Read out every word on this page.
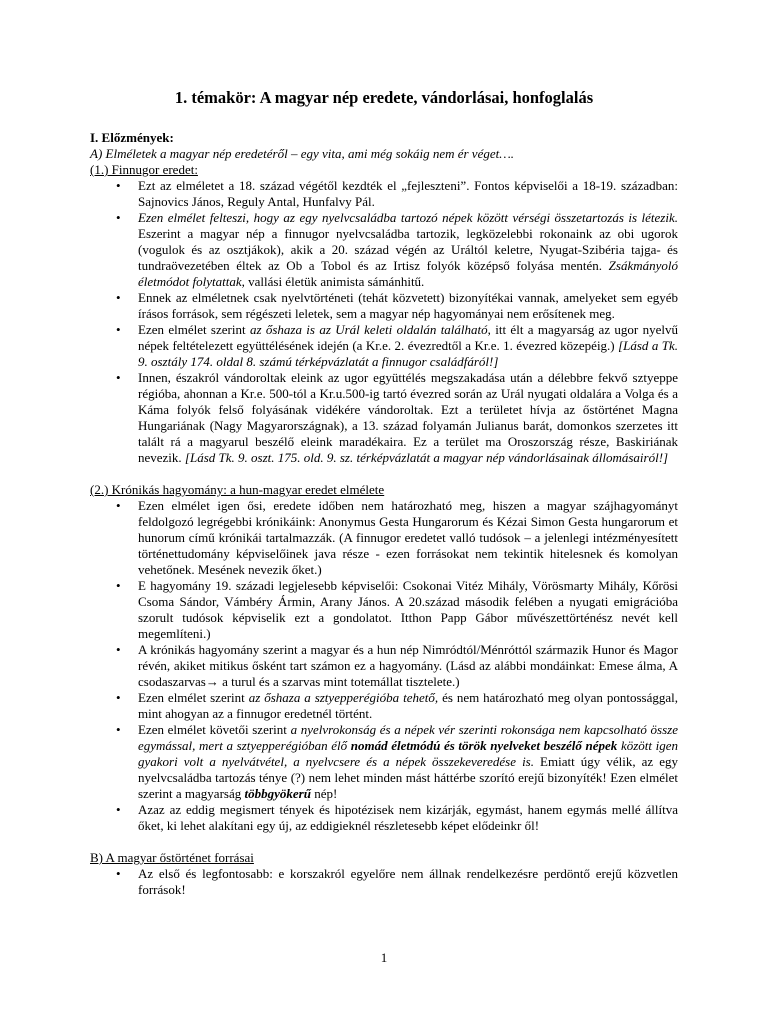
1. témakör: A magyar nép eredete, vándorlásai, honfoglalás

I. Előzmények:

A) Elméletek a magyar nép eredetéről – egy vita, ami még sokáig nem ér véget….

(1.) Finnugor eredet:

• Ezt az elméletet a 18. század végétől kezdték el „fejleszteni”. Fontos képviselői a 18-19. században: Sajnovics János, Reguly Antal, Hunfalvy Pál.
• Ezen elmélet felteszi, hogy az egy nyelvcsaládba tartozó népek között vérségi összetartozás is létezik. Eszerint a magyar nép a finnugor nyelvcsaládba tartozik, legközelebbi rokonaink az obi ugorok (vogulok és az osztjákok), akik a 20. század végén az Uráltól keletre, Nyugat-Szibéria tajga- és tundraövezetében éltek az Ob a Tobol és az Irtisz folyók középső folyása mentén. Zsákmányoló életmódot folytattak, vallási életük animista sámánhitű.
• Ennek az elméletnek csak nyelvtörténeti (tehát közvetett) bizonyítékai vannak, amelyeket sem egyéb írásos források, sem régészeti leletek, sem a magyar nép hagyományai nem erősítenek meg.
• Ezen elmélet szerint az őshaza is az Urál keleti oldalán található, itt élt a magyarság az ugor nyelvű népek feltételezett együttélésének idején (a Kr.e. 2. évezredtől a Kr.e. 1. évezred közepéig.) [Lásd a Tk. 9. osztály 174. oldal 8. számú térképvázlatát a finnugor családfáról!]
• Innen, északról vándoroltak eleink az ugor együttélés megszakadása után a délebbre fekvő sztyeppe régióba, ahonnan a Kr.e. 500-tól a Kr.u.500-ig tartó évezred során az Urál nyugati oldalára a Volga és a Káma folyók felső folyásának vidékére vándoroltak. Ezt a területet hívja az őstörténet Magna Hungariának (Nagy Magyarországnak), a 13. század folyamán Julianus barát, domonkos szerzetes itt talált rá a magyarul beszélő eleink maradékaira. Ez a terület ma Oroszország része, Baskiriának nevezik. [Lásd Tk. 9. oszt. 175. old. 9. sz. térképvázlatát a magyar nép vándorlásainak állomásairól!]

(2.) Krónikás hagyomány: a hun-magyar eredet elmélete

• Ezen elmélet igen ősi, eredete időben nem határozható meg, hiszen a magyar szájhagyományt feldolgozó legrégebbi krónikáink: Anonymus Gesta Hungarorum és Kézai Simon Gesta hungarorum et hunorum című krónikái tartalmazzák. (A finnugor eredetet valló tudósok – a jelenlegi intézményesített történettudomány képviselőinek java része - ezen forrásokat nem tekintik hitelesnek és komolyan vehetőnek. Mesének nevezik őket.)
• E hagyomány 19. századi legjelesebb képviselői: Csokonai Vitéz Mihály, Vörösmarty Mihály, Kőrösi Csoma Sándor, Vámbéry Ármin, Arany János. A 20.század második felében a nyugati emigrációba szorult tudósok képviselik ezt a gondolatot. Itthon Papp Gábor művészettörténész nevét kell megemlíteni.)
• A krónikás hagyomány szerint a magyar és a hun nép Nimródtól/Ménróttól származik Hunor és Magor révén, akiket mitikus ősként tart számon ez a hagyomány. (Lásd az alábbi mondáinkat: Emese álma, A csodaszarvas→ a turul és a szarvas mint totemállat tisztelete.)
• Ezen elmélet szerint az őshaza a sztyepperégióba tehető, és nem határozható meg olyan pontossággal, mint ahogyan az a finnugor eredetnél történt.
• Ezen elmélet követői szerint a nyelvrokonság és a népek vér szerinti rokonsága nem kapcsolható össze egymással, mert a sztyepperégióban élő nomád életmódú és török nyelveket beszélő népek között igen gyakori volt a nyelvátvétel, a nyelvcsere és a népek összekeveredése is. Emiatt úgy vélik, az egy nyelvcsaládba tartozás ténye (?) nem lehet minden mást háttérbe szorító erejű bizonyíték! Ezen elmélet szerint a magyarság többgyökerű nép!
• Azaz az eddig megismert tények és hipotézisek nem kizárják, egymást, hanem egymás mellé állítva őket, ki lehet alakítani egy új, az eddigieknél részletesebb képet elődeinkr ől!

B) A magyar őstörténet forrásai

• Az első és legfontosabb: e korszakról egyelőre nem állnak rendelkezésre perdöntő erejű közvetlen források!
1
